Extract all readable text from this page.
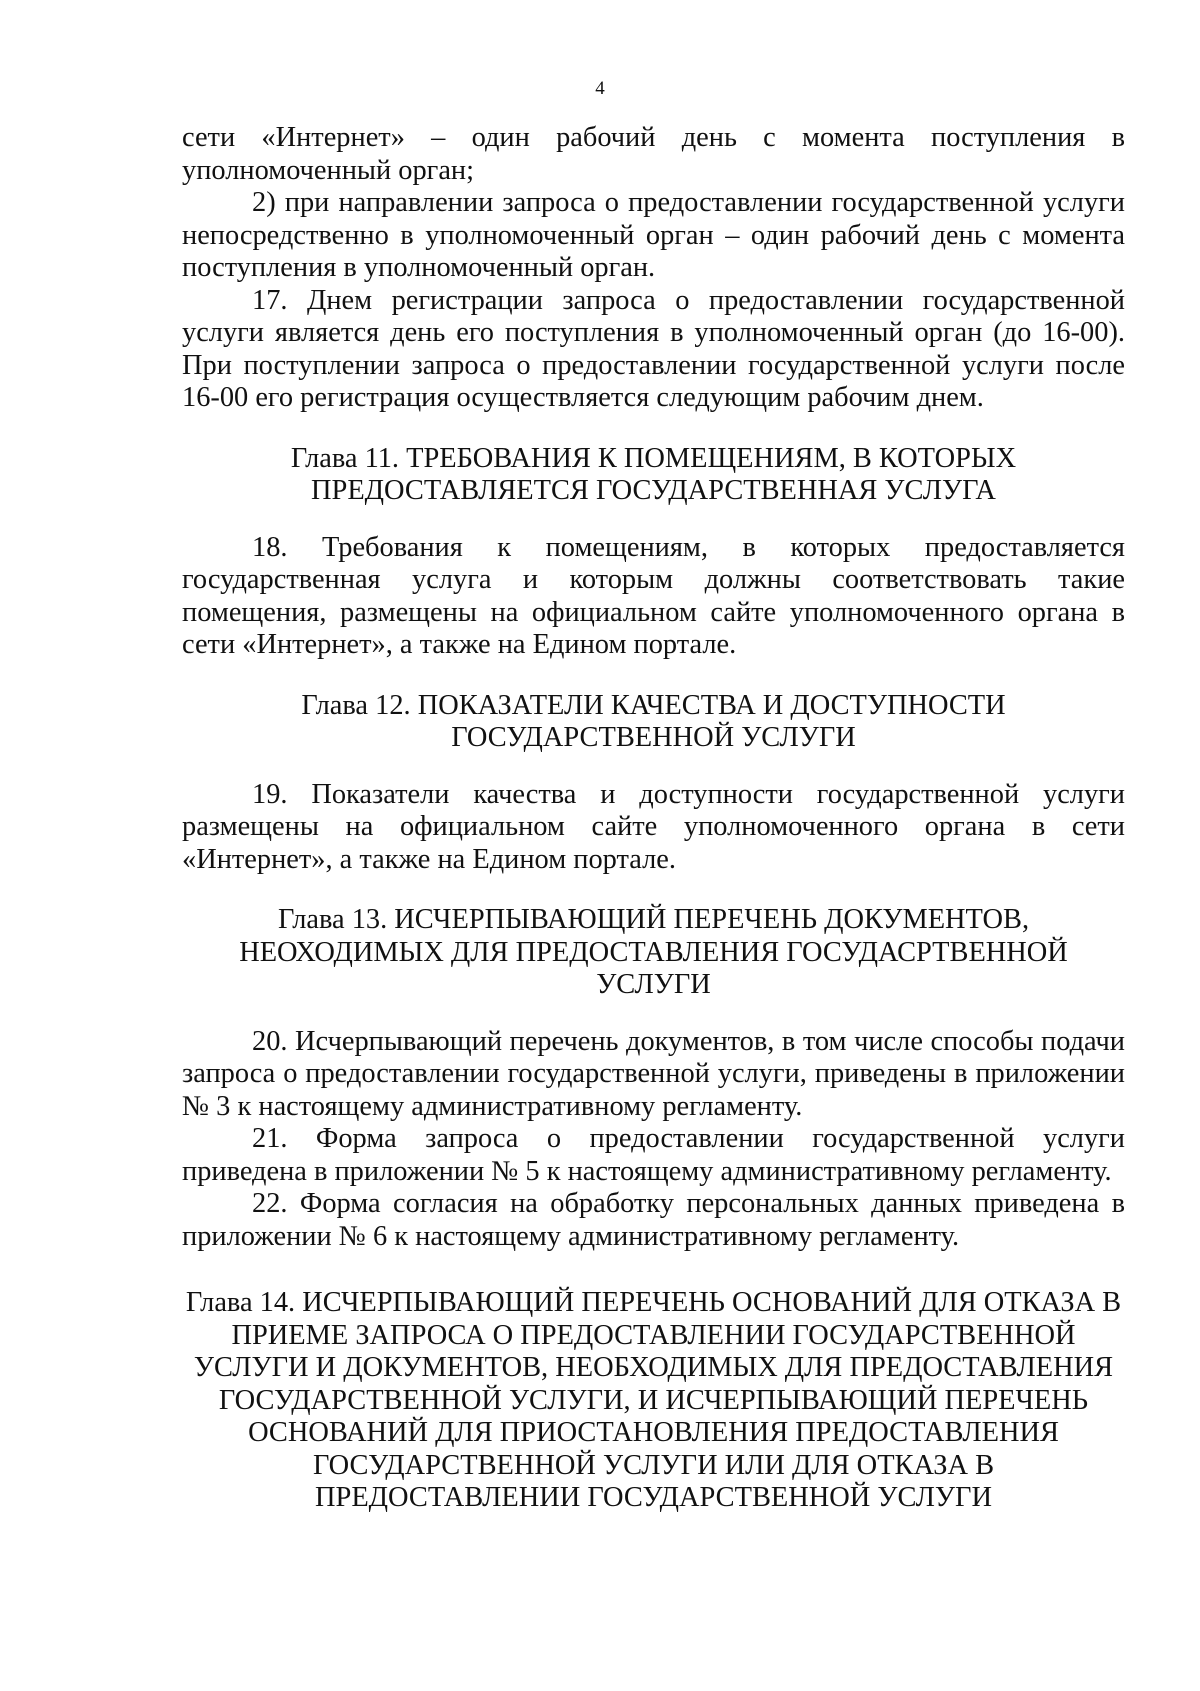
4

сети «Интернет» – один рабочий день с момента поступления в уполномоченный орган;

2) при направлении запроса о предоставлении государственной услуги непосредственно в уполномоченный орган – один рабочий день с момента поступления в уполномоченный орган.

17. Днем регистрации запроса о предоставлении государственной услуги является день его поступления в уполномоченный орган (до 16-00). При поступлении запроса о предоставлении государственной услуги после 16-00 его регистрация осуществляется следующим рабочим днем.

Глава 11. ТРЕБОВАНИЯ К ПОМЕЩЕНИЯМ, В КОТОРЫХ
ПРЕДОСТАВЛЯЕТСЯ ГОСУДАРСТВЕННАЯ УСЛУГА

18. Требования к помещениям, в которых предоставляется государственная услуга и которым должны соответствовать такие помещения, размещены на официальном сайте уполномоченного органа в сети «Интернет», а также на Едином портале.

Глава 12. ПОКАЗАТЕЛИ КАЧЕСТВА И ДОСТУПНОСТИ
ГОСУДАРСТВЕННОЙ УСЛУГИ

19. Показатели качества и доступности государственной услуги размещены на официальном сайте уполномоченного органа в сети «Интернет», а также на Едином портале.

Глава 13. ИСЧЕРПЫВАЮЩИЙ ПЕРЕЧЕНЬ ДОКУМЕНТОВ,
НЕОХОДИМЫХ ДЛЯ ПРЕДОСТАВЛЕНИЯ ГОСУДАСРТВЕННОЙ
УСЛУГИ

20. Исчерпывающий перечень документов, в том числе способы подачи запроса о предоставлении государственной услуги, приведены в приложении № 3 к настоящему административному регламенту.

21. Форма запроса о предоставлении государственной услуги приведена в приложении № 5 к настоящему административному регламенту.

22. Форма согласия на обработку персональных данных приведена в приложении № 6 к настоящему административному регламенту.

Глава 14. ИСЧЕРПЫВАЮЩИЙ ПЕРЕЧЕНЬ ОСНОВАНИЙ ДЛЯ ОТКАЗА В
ПРИЕМЕ ЗАПРОСА О ПРЕДОСТАВЛЕНИИ ГОСУДАРСТВЕННОЙ
УСЛУГИ И ДОКУМЕНТОВ, НЕОБХОДИМЫХ ДЛЯ ПРЕДОСТАВЛЕНИЯ
ГОСУДАРСТВЕННОЙ УСЛУГИ, И ИСЧЕРПЫВАЮЩИЙ ПЕРЕЧЕНЬ
ОСНОВАНИЙ ДЛЯ ПРИОСТАНОВЛЕНИЯ ПРЕДОСТАВЛЕНИЯ
ГОСУДАРСТВЕННОЙ УСЛУГИ ИЛИ ДЛЯ ОТКАЗА В
ПРЕДОСТАВЛЕНИИ ГОСУДАРСТВЕННОЙ УСЛУГИ
